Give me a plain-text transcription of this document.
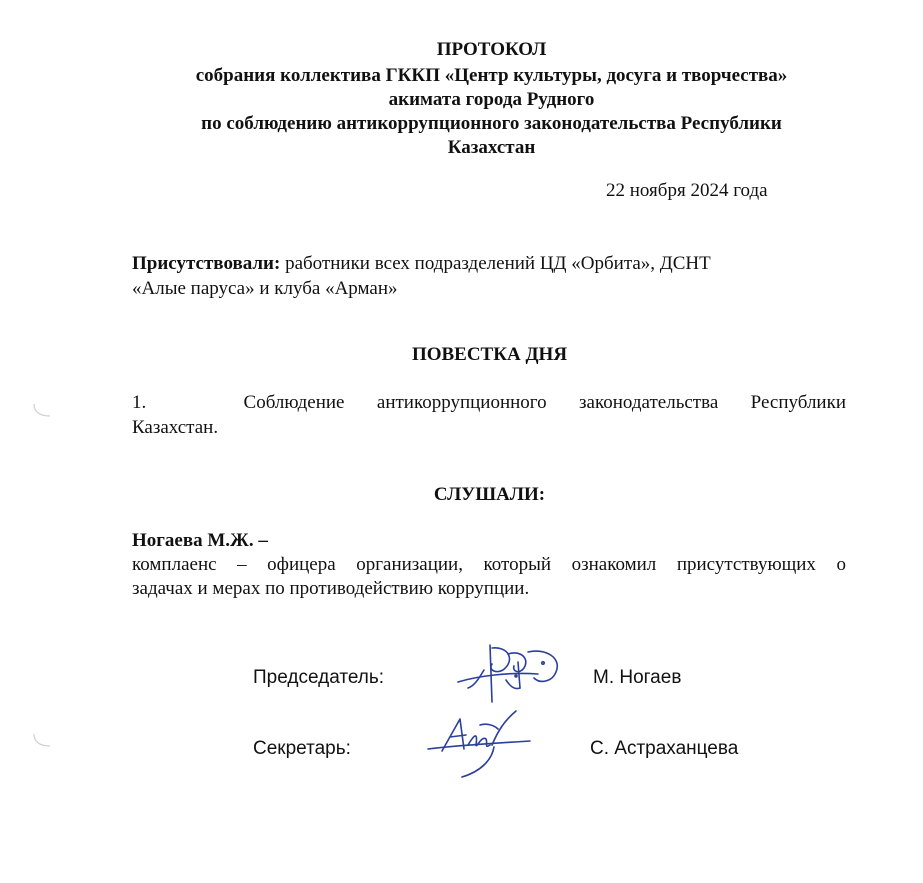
ПРОТОКОЛ
собрания коллектива ГККП «Центр культуры, досуга и творчества»
акимата города Рудного
по соблюдению антикоррупционного законодательства Республики
Казахстан
22 ноября 2024 года
Присутствовали: работники всех подразделений ЦД «Орбита», ДСНТ
«Алые паруса» и клуба «Арман»
ПОВЕСТКА ДНЯ
1.	Соблюдение антикоррупционного законодательства Республики
Казахстан.
СЛУШАЛИ:
Ногаева М.Ж. –
комплаенс – офицера организации, который ознакомил присутствующих о
задачах и мерах по противодействию коррупции.
Председатель:	М. Ногаев
Секретарь:	С. Астраханцева
